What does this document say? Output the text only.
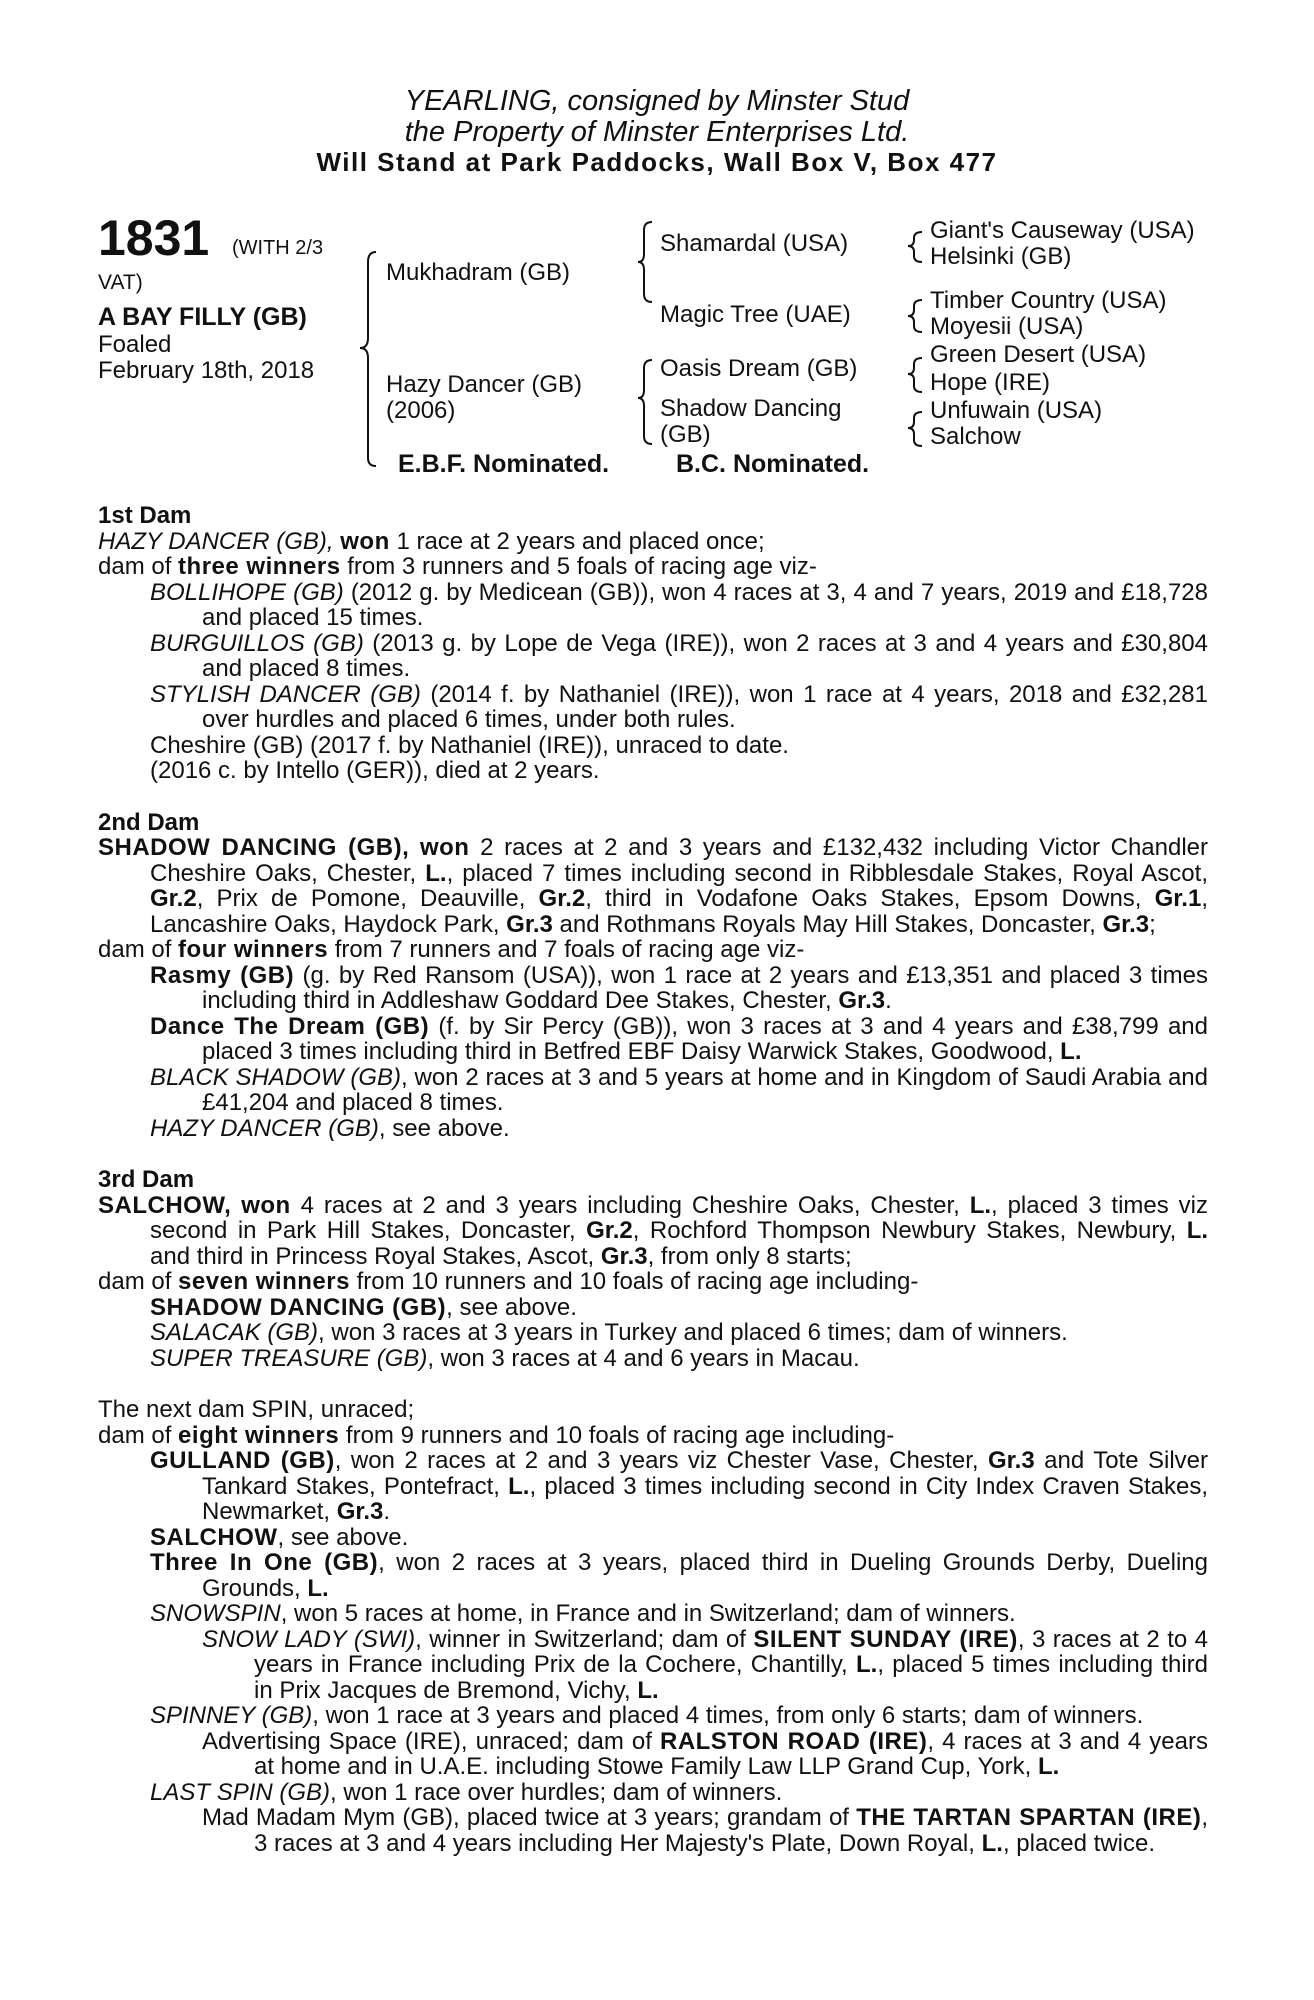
YEARLING, consigned by Minster Stud
the Property of Minster Enterprises Ltd.
Will Stand at Park Paddocks, Wall Box V, Box 477
1831 (WITH 2/3
VAT)
A BAY FILLY (GB)
Foaled
February 18th, 2018
Mukhadram (GB)
Hazy Dancer (GB)
(2006)
Shamardal (USA)
Magic Tree (UAE)
Oasis Dream (GB)
Shadow Dancing
(GB)
Giant's Causeway (USA)
Helsinki (GB)
Timber Country (USA)
Moyesii (USA)
Green Desert (USA)
Hope (IRE)
Unfuwain (USA)
Salchow
E.B.F. Nominated.	B.C. Nominated.
1st Dam
HAZY DANCER (GB), won 1 race at 2 years and placed once;
dam of three winners from 3 runners and 5 foals of racing age viz-
BOLLIHOPE (GB) (2012 g. by Medicean (GB)), won 4 races at 3, 4 and 7 years, 2019 and £18,728 and placed 15 times.
BURGUILLOS (GB) (2013 g. by Lope de Vega (IRE)), won 2 races at 3 and 4 years and £30,804 and placed 8 times.
STYLISH DANCER (GB) (2014 f. by Nathaniel (IRE)), won 1 race at 4 years, 2018 and £32,281 over hurdles and placed 6 times, under both rules.
Cheshire (GB) (2017 f. by Nathaniel (IRE)), unraced to date.
(2016 c. by Intello (GER)), died at 2 years.
2nd Dam
SHADOW DANCING (GB), won 2 races at 2 and 3 years and £132,432 including Victor Chandler Cheshire Oaks, Chester, L., placed 7 times including second in Ribblesdale Stakes, Royal Ascot, Gr.2, Prix de Pomone, Deauville, Gr.2, third in Vodafone Oaks Stakes, Epsom Downs, Gr.1, Lancashire Oaks, Haydock Park, Gr.3 and Rothmans Royals May Hill Stakes, Doncaster, Gr.3;
dam of four winners from 7 runners and 7 foals of racing age viz-
Rasmy (GB) (g. by Red Ransom (USA)), won 1 race at 2 years and £13,351 and placed 3 times including third in Addleshaw Goddard Dee Stakes, Chester, Gr.3.
Dance The Dream (GB) (f. by Sir Percy (GB)), won 3 races at 3 and 4 years and £38,799 and placed 3 times including third in Betfred EBF Daisy Warwick Stakes, Goodwood, L.
BLACK SHADOW (GB), won 2 races at 3 and 5 years at home and in Kingdom of Saudi Arabia and £41,204 and placed 8 times.
HAZY DANCER (GB), see above.
3rd Dam
SALCHOW, won 4 races at 2 and 3 years including Cheshire Oaks, Chester, L., placed 3 times viz second in Park Hill Stakes, Doncaster, Gr.2, Rochford Thompson Newbury Stakes, Newbury, L. and third in Princess Royal Stakes, Ascot, Gr.3, from only 8 starts;
dam of seven winners from 10 runners and 10 foals of racing age including-
SHADOW DANCING (GB), see above.
SALACAK (GB), won 3 races at 3 years in Turkey and placed 6 times; dam of winners.
SUPER TREASURE (GB), won 3 races at 4 and 6 years in Macau.
The next dam SPIN, unraced;
dam of eight winners from 9 runners and 10 foals of racing age including-
GULLAND (GB), won 2 races at 2 and 3 years viz Chester Vase, Chester, Gr.3 and Tote Silver Tankard Stakes, Pontefract, L., placed 3 times including second in City Index Craven Stakes, Newmarket, Gr.3.
SALCHOW, see above.
Three In One (GB), won 2 races at 3 years, placed third in Dueling Grounds Derby, Dueling Grounds, L.
SNOWSPIN, won 5 races at home, in France and in Switzerland; dam of winners.
SNOW LADY (SWI), winner in Switzerland; dam of SILENT SUNDAY (IRE), 3 races at 2 to 4 years in France including Prix de la Cochere, Chantilly, L., placed 5 times including third in Prix Jacques de Bremond, Vichy, L.
SPINNEY (GB), won 1 race at 3 years and placed 4 times, from only 6 starts; dam of winners.
Advertising Space (IRE), unraced; dam of RALSTON ROAD (IRE), 4 races at 3 and 4 years at home and in U.A.E. including Stowe Family Law LLP Grand Cup, York, L.
LAST SPIN (GB), won 1 race over hurdles; dam of winners.
Mad Madam Mym (GB), placed twice at 3 years; grandam of THE TARTAN SPARTAN (IRE), 3 races at 3 and 4 years including Her Majesty's Plate, Down Royal, L., placed twice.
